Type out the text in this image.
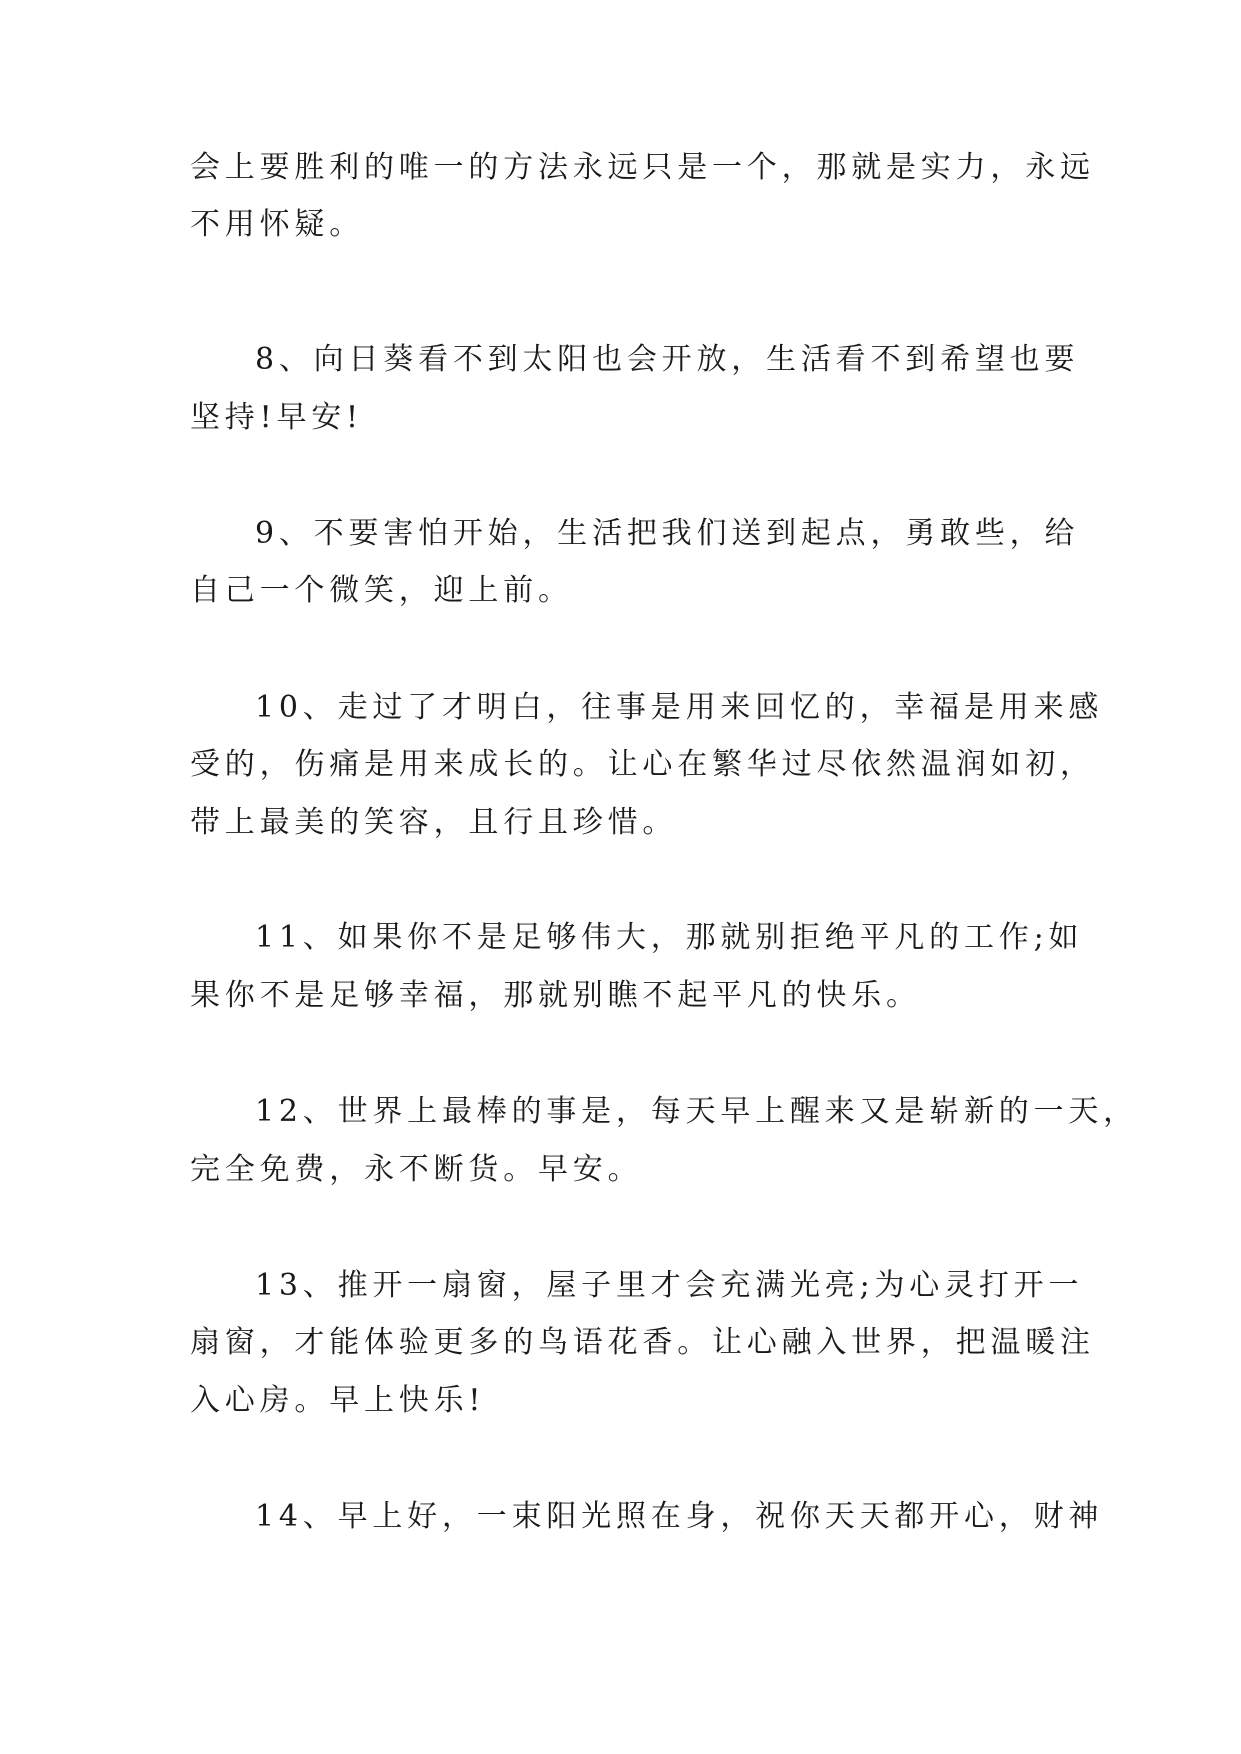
会上要胜利的唯一的方法永远只是一个，那就是实力，永远
不用怀疑。
8、向日葵看不到太阳也会开放，生活看不到希望也要
坚持!早安!
9、不要害怕开始，生活把我们送到起点，勇敢些，给
自己一个微笑，迎上前。
10、走过了才明白，往事是用来回忆的，幸福是用来感
受的，伤痛是用来成长的。让心在繁华过尽依然温润如初，
带上最美的笑容，且行且珍惜。
11、如果你不是足够伟大，那就别拒绝平凡的工作;如
果你不是足够幸福，那就别瞧不起平凡的快乐。
12、世界上最棒的事是，每天早上醒来又是崭新的一天，
完全免费，永不断货。早安。
13、推开一扇窗，屋子里才会充满光亮;为心灵打开一
扇窗，才能体验更多的鸟语花香。让心融入世界，把温暖注
入心房。早上快乐!
14、早上好，一束阳光照在身，祝你天天都开心，财神
